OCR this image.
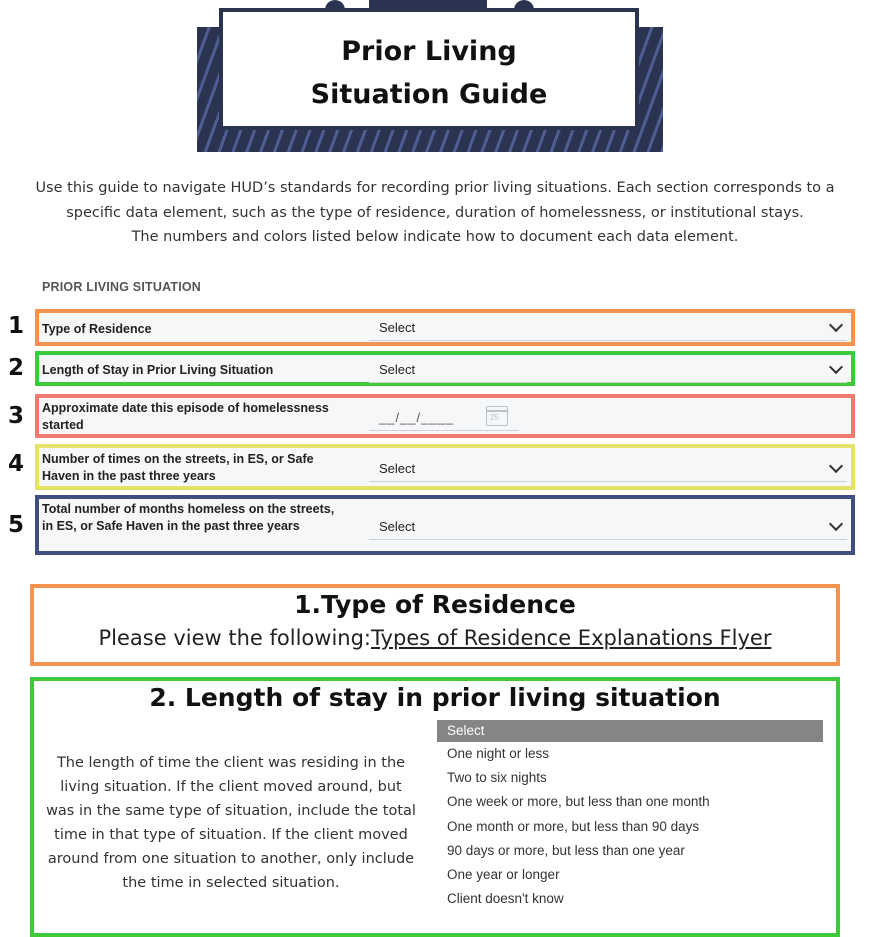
Prior Living
Situation Guide
Use this guide to navigate HUD’s standards for recording prior living situations. Each section corresponds to a
specific data element, such as the type of residence, duration of homelessness, or institutional stays.
The numbers and colors listed below indicate how to document each data element.
PRIOR LIVING SITUATION
1
2
3
4
5
Type of Residence	Select
Length of Stay in Prior Living Situation	Select
Approximate date this episode of homelessness started	__/__/____	25
Number of times on the streets, in ES, or Safe Haven in the past three years	Select
Total number of months homeless on the streets, in ES, or Safe Haven in the past three years	Select
1.Type of Residence

Please view the following:Types of Residence Explanations Flyer

2. Length of stay in prior living situation
The length of time the client was residing in the living situation. If the client moved around, but was in the same type of situation, include the total time in that type of situation. If the client moved around from one situation to another, only include the time in selected situation.
Select
One night or less
Two to six nights
One week or more, but less than one month
One month or more, but less than 90 days
90 days or more, but less than one year
One year or longer
Client doesn't know
